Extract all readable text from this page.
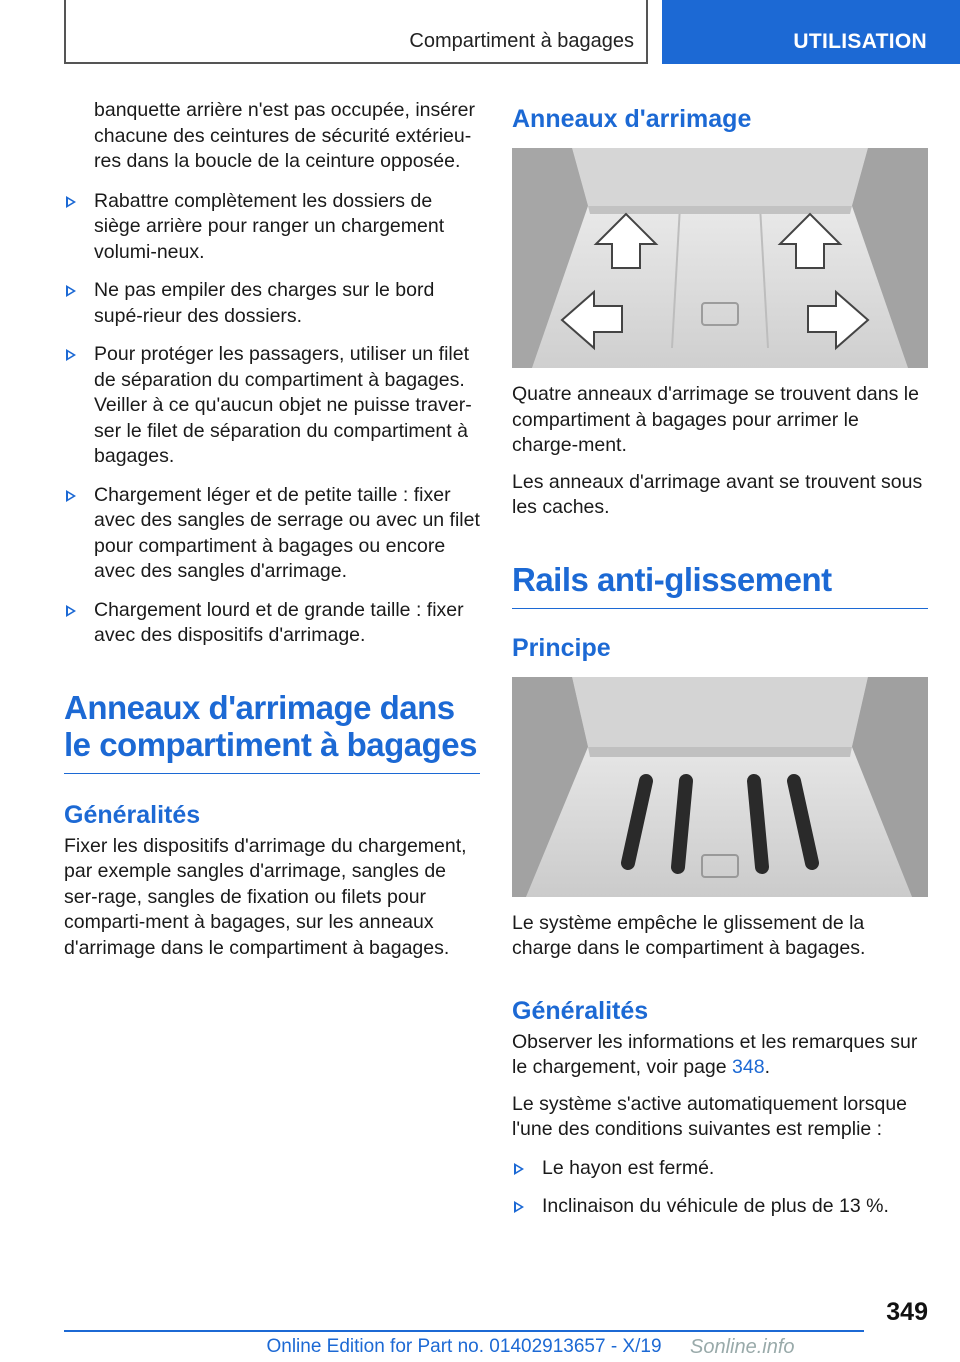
Compartiment à bagages	UTILISATION

banquette arrière n'est pas occupée, insérer chacune des ceintures de sécurité extérieu-res dans la boucle de la ceinture opposée.

Rabattre complètement les dossiers de siège arrière pour ranger un chargement volumi-neux.
Ne pas empiler des charges sur le bord supé-rieur des dossiers.
Pour protéger les passagers, utiliser un filet de séparation du compartiment à bagages. Veiller à ce qu'aucun objet ne puisse traver-ser le filet de séparation du compartiment à bagages.
Chargement léger et de petite taille : fixer avec des sangles de serrage ou avec un filet pour compartiment à bagages ou encore avec des sangles d'arrimage.
Chargement lourd et de grande taille : fixer avec des dispositifs d'arrimage.
Anneaux d'arrimage dans le compartiment à bagages
Généralités

Fixer les dispositifs d'arrimage du chargement, par exemple sangles d'arrimage, sangles de ser-rage, sangles de fixation ou filets pour comparti-ment à bagages, sur les anneaux d'arrimage dans le compartiment à bagages.

Anneaux d'arrimage

Quatre anneaux d'arrimage se trouvent dans le compartiment à bagages pour arrimer le charge-ment.

Les anneaux d'arrimage avant se trouvent sous les caches.

Rails anti-glissement
Principe

Le système empêche le glissement de la charge dans le compartiment à bagages.

Généralités

Observer les informations et les remarques sur le chargement, voir page 348.

Le système s'active automatiquement lorsque l'une des conditions suivantes est remplie :

Le hayon est fermé.
Inclinaison du véhicule de plus de 13 %.
349
Online Edition for Part no. 01402913657 - X/19	Sonline.info
